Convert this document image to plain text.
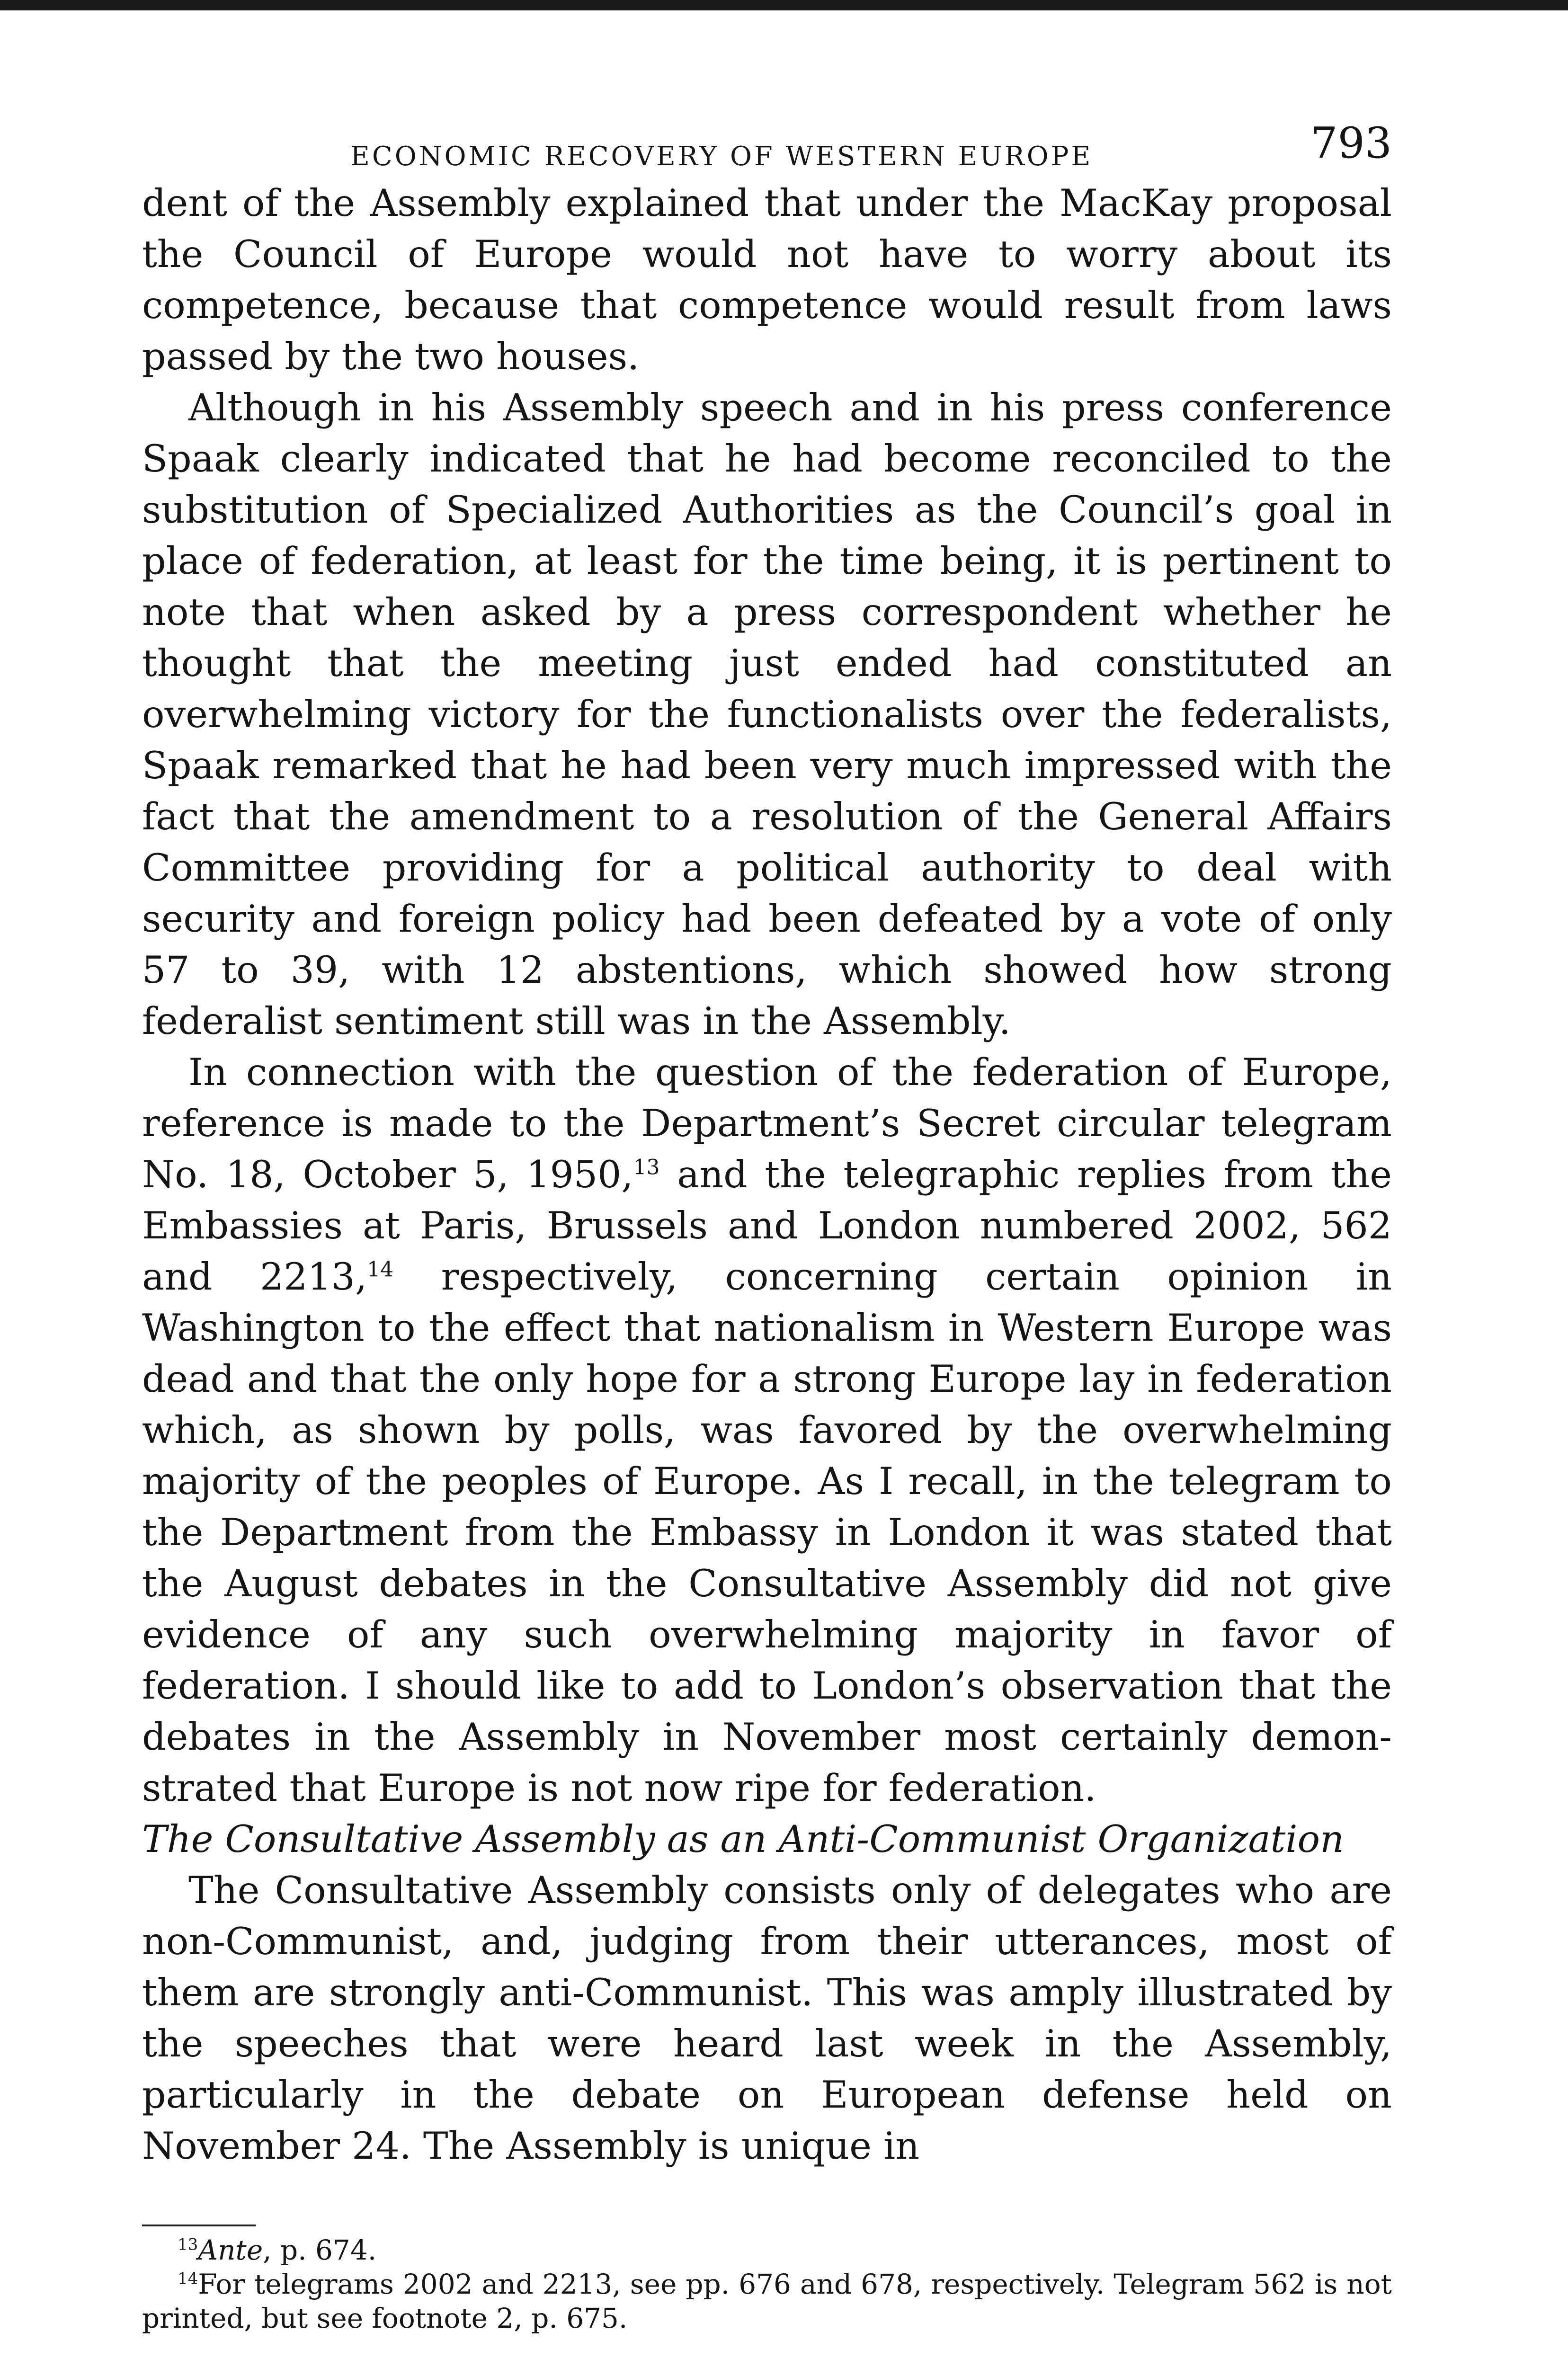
ECONOMIC RECOVERY OF WESTERN EUROPE	793

dent of the Assembly explained that under the MacKay proposal the Council of Europe would not have to worry about its competence, because that competence would result from laws passed by the two houses.

Although in his Assembly speech and in his press conference Spaak clearly indicated that he had become reconciled to the substitution of Specialized Authorities as the Council’s goal in place of federation, at least for the time being, it is pertinent to note that when asked by a press correspondent whether he thought that the meeting just ended had constituted an overwhelming victory for the functionalists over the federalists, Spaak remarked that he had been very much impressed with the fact that the amendment to a resolution of the General Affairs Committee providing for a political authority to deal with security and foreign policy had been defeated by a vote of only 57 to 39, with 12 abstentions, which showed how strong federalist sentiment still was in the Assembly.

In connection with the question of the federation of Europe, reference is made to the Department’s Secret circular telegram No. 18, October 5, 1950,13 and the telegraphic replies from the Embassies at Paris, Brussels and London numbered 2002, 562 and 2213,14 respectively, concerning certain opinion in Washington to the effect that nationalism in Western Europe was dead and that the only hope for a strong Europe lay in federation which, as shown by polls, was favored by the overwhelming majority of the peoples of Europe. As I recall, in the telegram to the Department from the Embassy in London it was stated that the August debates in the Consultative Assembly did not give evidence of any such overwhelming majority in favor of federation. I should like to add to London’s observation that the debates in the Assembly in November most certainly demonstrated that Europe is not now ripe for federation.

The Consultative Assembly as an Anti-Communist Organization

The Consultative Assembly consists only of delegates who are non-Communist, and, judging from their utterances, most of them are strongly anti-Communist. This was amply illustrated by the speeches that were heard last week in the Assembly, particularly in the debate on European defense held on November 24. The Assembly is unique in

$^{13}$Ante, p. 674.

$^{14}$For telegrams 2002 and 2213, see pp. 676 and 678, respectively. Telegram 562 is not printed, but see footnote 2, p. 675.
